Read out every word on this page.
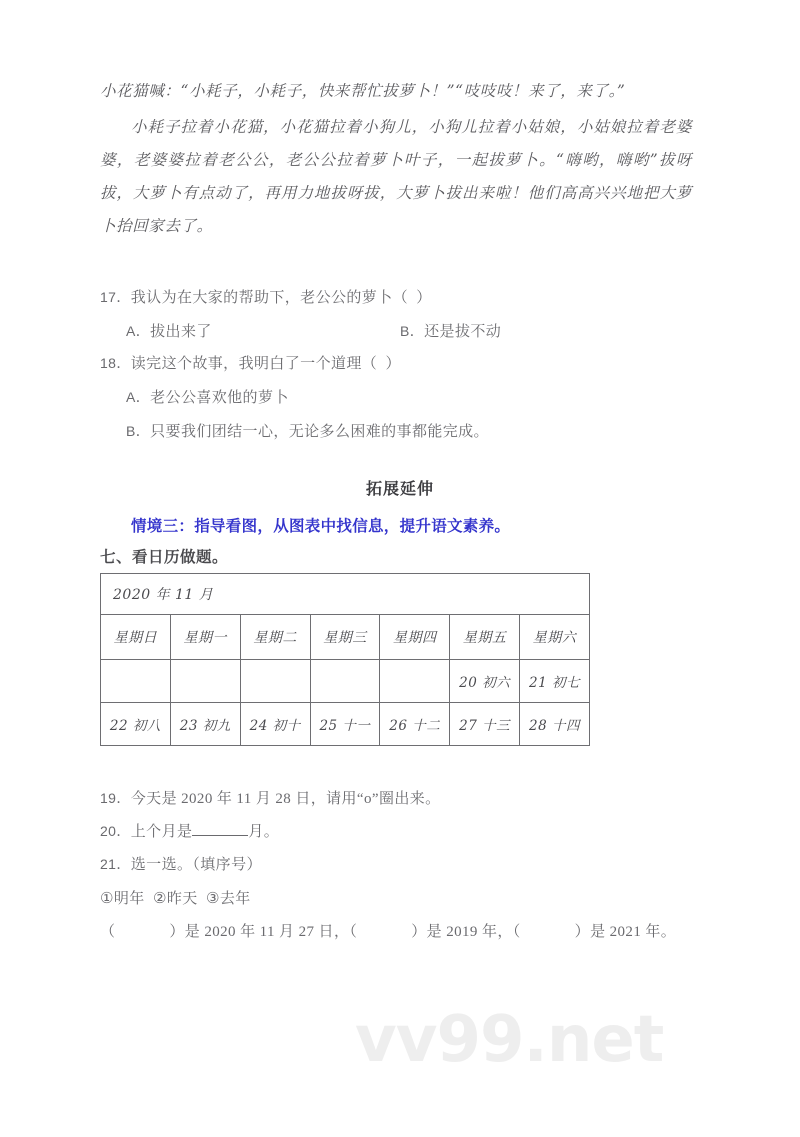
vv99.net

小花猫喊：“小耗子，小耗子，快来帮忙拔萝卜！”“吱吱吱！来了，来了。”

小耗子拉着小花猫，小花猫拉着小狗儿，小狗儿拉着小姑娘，小姑娘拉着老婆婆，老婆婆拉着老公公，老公公拉着萝卜叶子，一起拔萝卜。“嗨哟，嗨哟”拔呀拔，大萝卜有点动了，再用力地拔呀拔，大萝卜拔出来啦！他们高高兴兴地把大萝卜抬回家去了。

17．我认为在大家的帮助下，老公公的萝卜（  ）
A．拔出来了	B．还是拔不动
18．读完这个故事，我明白了一个道理（  ）
A．老公公喜欢他的萝卜
B．只要我们团结一心，无论多么困难的事都能完成。
拓展延伸
情境三：指导看图，从图表中找信息，提升语文素养。
七、看日历做题。
2020 年 11 月						
星期日	星期一	星期二	星期三	星期四	星期五	星期六
					20 初六	21 初七
22 初八	23 初九	24 初十	25 十一	26 十二	27 十三	28 十四
19．今天是 2020 年 11 月 28 日，请用“o”圈出来。
20．上个月是	月。
21．选一选。（填序号）
①明年 ②昨天 ③去年
（	）是 2020 年 11 月 27 日，（	）是 2019 年，（	）是 2021 年。
